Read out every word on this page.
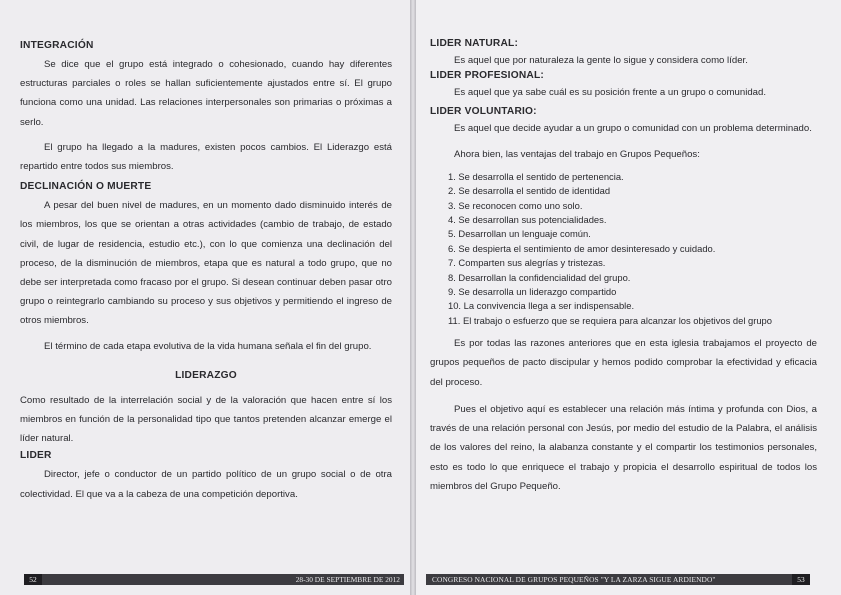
INTEGRACIÓN

Se dice que el grupo está integrado o cohesionado, cuando hay diferentes estructuras parciales o roles se hallan suficientemente ajustados entre sí. El grupo funciona como una unidad. Las relaciones interpersonales son primarias o próximas a serlo.

El grupo ha llegado a la madures, existen pocos cambios. El Liderazgo está repartido entre todos sus miembros.

DECLINACIÓN O MUERTE

A pesar del buen nivel de madures, en un momento dado disminuido interés de los miembros, los que se orientan a otras actividades (cambio de trabajo, de estado civil, de lugar de residencia, estudio etc.), con lo que comienza una declinación del proceso, de la disminución de miembros, etapa que es natural a todo grupo, que no debe ser interpretada como fracaso por el grupo. Si desean continuar deben pasar otro grupo o reintegrarlo cambiando su proceso y sus objetivos y permitiendo el ingreso de otros miembros.

El término de cada etapa evolutiva de la vida humana señala el fin del grupo.

LIDERAZGO

Como resultado de la interrelación social y de la valoración que hacen entre sí los miembros en función de la personalidad tipo que tantos pretenden alcanzar emerge el líder natural.

LIDER

Director, jefe o conductor de un partido político de un grupo social o de otra colectividad. El que va a la cabeza de una competición deportiva.

LIDER NATURAL:

Es aquel que por naturaleza la gente lo sigue y considera como líder.

LIDER PROFESIONAL:

Es aquel que ya sabe cuál es su posición frente a un grupo o comunidad.

LIDER VOLUNTARIO:

Es aquel que decide ayudar a un grupo o comunidad con un problema determinado.

Ahora bien, las ventajas del trabajo en Grupos Pequeños:

1. Se desarrolla el sentido de pertenencia.
2. Se desarrolla el sentido de identidad
3. Se reconocen como uno solo.
4. Se desarrollan sus potencialidades.
5. Desarrollan un lenguaje común.
6. Se despierta el sentimiento de amor desinteresado y cuidado.
7. Comparten sus alegrías y tristezas.
8. Desarrollan la confidencialidad del grupo.
9. Se desarrolla un liderazgo compartido
10. La convivencia llega a ser indispensable.
11. El trabajo o esfuerzo que se requiera para alcanzar los objetivos del grupo

Es por todas las razones anteriores que en esta iglesia trabajamos el proyecto de grupos pequeños de pacto discipular y hemos podido comprobar la efectividad y eficacia del proceso.

Pues el objetivo aquí es establecer una relación más íntima y profunda con Dios, a través de una relación personal con Jesús, por medio del estudio de la Palabra, el análisis de los valores del reino, la alabanza constante y el compartir los testimonios personales, esto es todo lo que enriquece el trabajo y propicia el desarrollo espiritual de todos los miembros del Grupo Pequeño.

52	28-30 DE SEPTIEMBRE DE 2012	CONGRESO NACIONAL DE GRUPOS PEQUEÑOS "Y LA ZARZA SIGUE ARDIENDO"	53
